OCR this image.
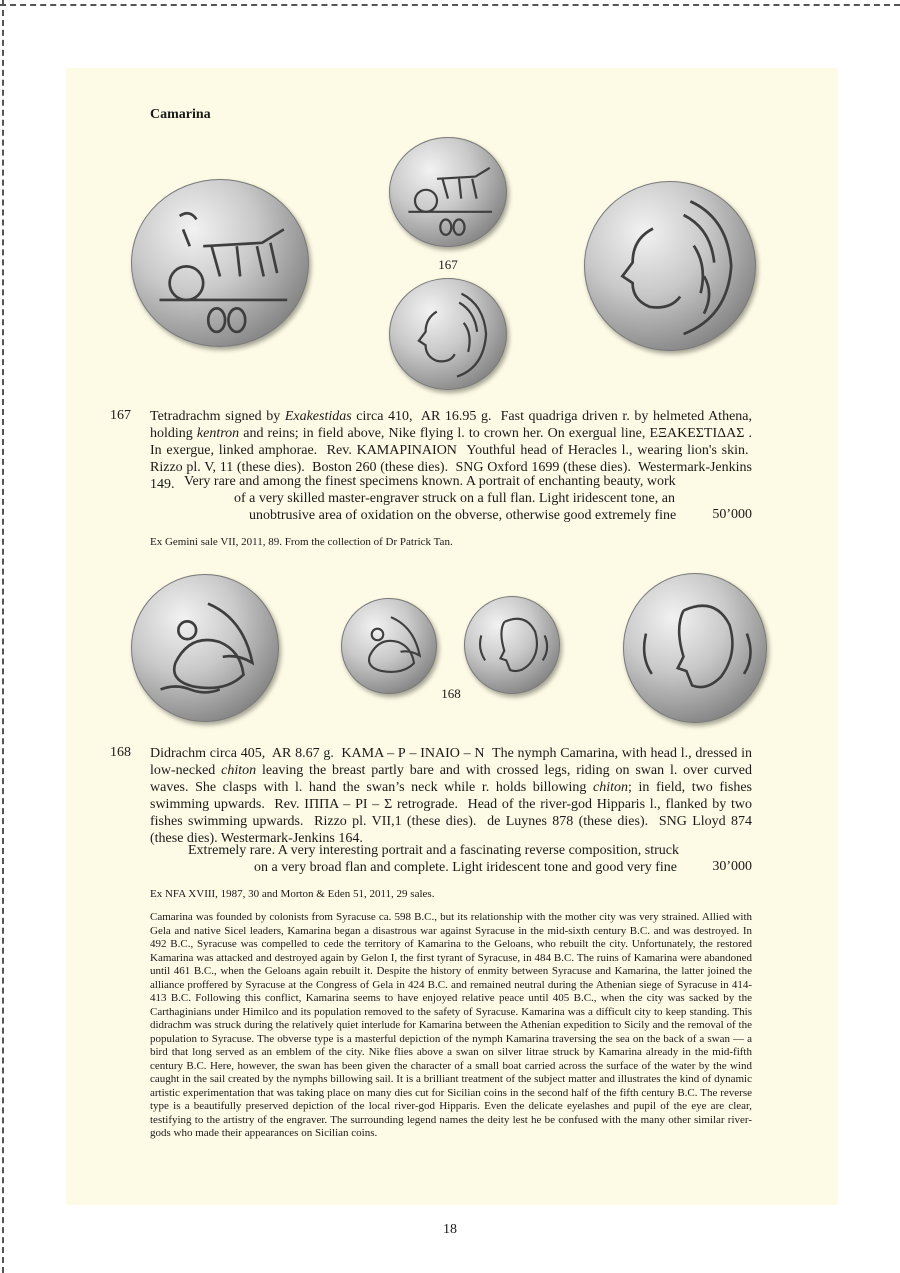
Camarina
167
167 Tetradrachm signed by Exakestidas circa 410,  AR 16.95 g.  Fast quadriga driven r. by helmeted Athena, holding kentron and reins; in field above, Nike flying l. to crown her. On exergual line, ΕΞΑΚΕΣΤΙΔΑΣ . In exergue, linked amphorae.  Rev. ΚΑΜΑΡΙΝΑΙΟΝ  Youthful head of Heracles l., wearing lion's skin.  Rizzo pl. V, 11 (these dies).  Boston 260 (these dies).  SNG Oxford 1699 (these dies).  Westermark-Jenkins 149. Very rare and among the finest specimens known. A portrait of enchanting beauty, work
of a very skilled master-engraver struck on a full flan. Light iridescent tone, an
unobtrusive area of oxidation on the obverse, otherwise good extremely fine	50’000
Ex Gemini sale VII, 2011, 89. From the collection of Dr Patrick Tan.
168
168 Didrachm circa 405,  AR 8.67 g.  ΚΑΜΑ – Ρ – ΙΝΑΙΟ – Ν  The nymph Camarina, with head l., dressed in low-necked chiton leaving the breast partly bare and with crossed legs, riding on swan l. over curved waves. She clasps with l. hand the swan’s neck while r. holds billowing chiton; in field, two fishes swimming upwards.  Rev. ΙΠΠΑ – ΡΙ – Σ retrograde.  Head of the river-god Hipparis l., flanked by two fishes swimming upwards.  Rizzo pl. VII,1 (these dies).  de Luynes 878 (these dies).  SNG Lloyd 874 (these dies). Westermark-Jenkins 164.
Extremely rare. A very interesting portrait and a fascinating reverse composition, struck
on a very broad flan and complete. Light iridescent tone and good very fine	30’000
Ex NFA XVIII, 1987, 30 and Morton & Eden 51, 2011, 29 sales.
Camarina was founded by colonists from Syracuse ca. 598 B.C., but its relationship with the mother city was very strained. Allied with Gela and native Sicel leaders, Kamarina began a disastrous war against Syracuse in the mid-sixth century B.C. and was destroyed. In 492 B.C., Syracuse was compelled to cede the territory of Kamarina to the Geloans, who rebuilt the city. Unfortunately, the restored Kamarina was attacked and destroyed again by Gelon I, the first tyrant of Syracuse, in 484 B.C. The ruins of Kamarina were abandoned until 461 B.C., when the Geloans again rebuilt it. Despite the history of enmity between Syracuse and Kamarina, the latter joined the alliance proffered by Syracuse at the Congress of Gela in 424 B.C. and remained neutral during the Athenian siege of Syracuse in 414-413 B.C. Following this conflict, Kamarina seems to have enjoyed relative peace until 405 B.C., when the city was sacked by the Carthaginians under Himilco and its population removed to the safety of Syracuse. Kamarina was a difficult city to keep standing. This didrachm was struck during the relatively quiet interlude for Kamarina between the Athenian expedition to Sicily and the removal of the population to Syracuse. The obverse type is a masterful depiction of the nymph Kamarina traversing the sea on the back of a swan — a bird that long served as an emblem of the city. Nike flies above a swan on silver litrae struck by Kamarina already in the mid-fifth century B.C. Here, however, the swan has been given the character of a small boat carried across the surface of the water by the wind caught in the sail created by the nymphs billowing sail. It is a brilliant treatment of the subject matter and illustrates the kind of dynamic artistic experimentation that was taking place on many dies cut for Sicilian coins in the second half of the fifth century B.C. The reverse type is a beautifully preserved depiction of the local river-god Hipparis. Even the delicate eyelashes and pupil of the eye are clear, testifying to the artistry of the engraver. The surrounding legend names the deity lest he be confused with the many other similar river-gods who made their appearances on Sicilian coins.
18
